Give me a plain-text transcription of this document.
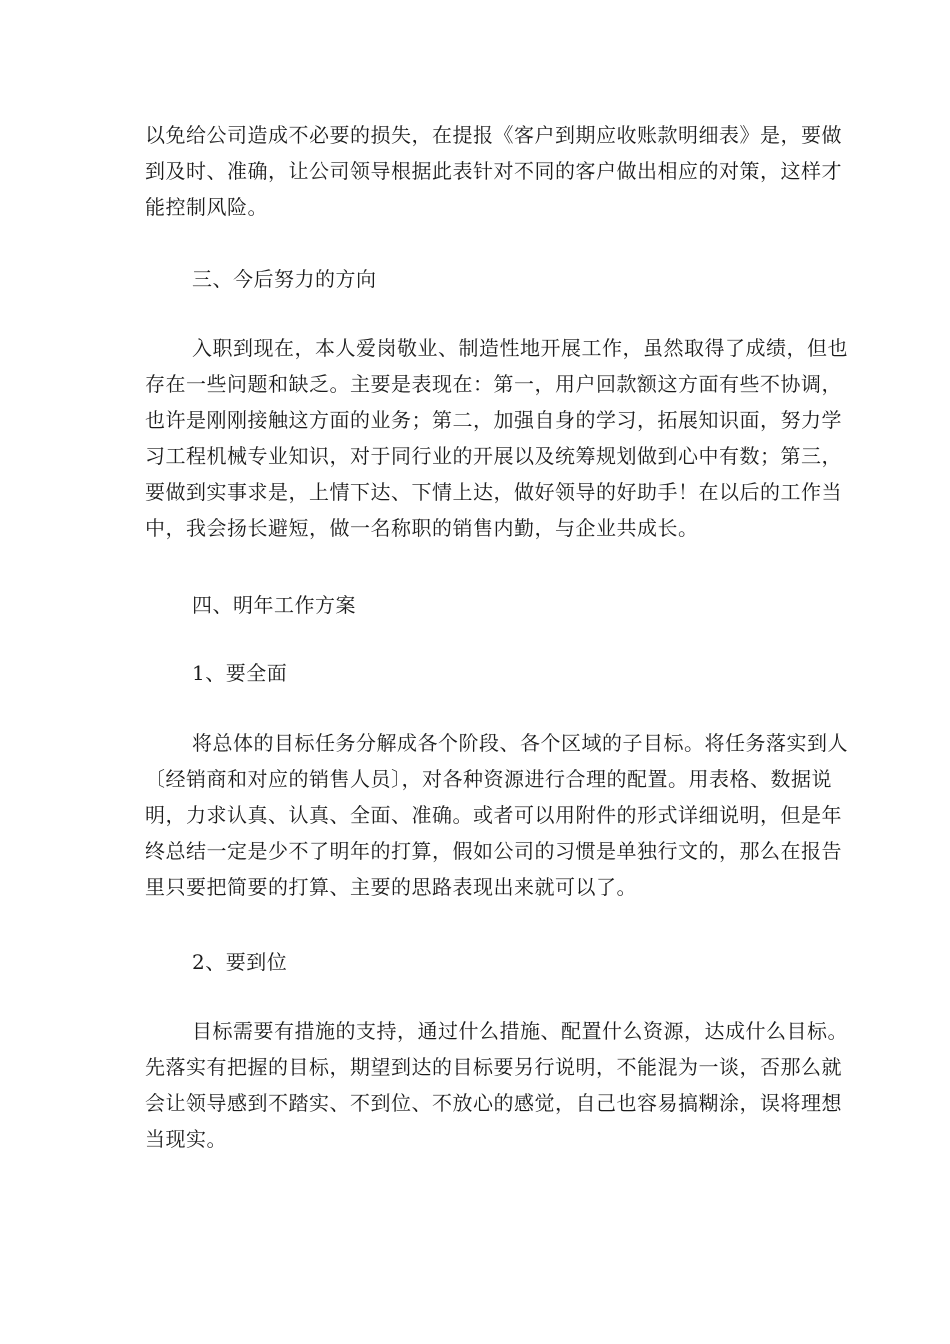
以免给公司造成不必要的损失，在提报《客户到期应收账款明细表》是，要做
到及时、准确，让公司领导根据此表针对不同的客户做出相应的对策，这样才
能控制风险。
三、今后努力的方向
入职到现在，本人爱岗敬业、制造性地开展工作，虽然取得了成绩，但也
存在一些问题和缺乏。主要是表现在：第一，用户回款额这方面有些不协调，
也许是刚刚接触这方面的业务；第二，加强自身的学习，拓展知识面，努力学
习工程机械专业知识，对于同行业的开展以及统筹规划做到心中有数；第三，
要做到实事求是，上情下达、下情上达，做好领导的好助手！在以后的工作当
中，我会扬长避短，做一名称职的销售内勤，与企业共成长。
四、明年工作方案
1、要全面
将总体的目标任务分解成各个阶段、各个区域的子目标。将任务落实到人
〔经销商和对应的销售人员〕，对各种资源进行合理的配置。用表格、数据说
明，力求认真、认真、全面、准确。或者可以用附件的形式详细说明，但是年
终总结一定是少不了明年的打算，假如公司的习惯是单独行文的，那么在报告
里只要把简要的打算、主要的思路表现出来就可以了。
2、要到位
目标需要有措施的支持，通过什么措施、配置什么资源，达成什么目标。
先落实有把握的目标，期望到达的目标要另行说明，不能混为一谈，否那么就
会让领导感到不踏实、不到位、不放心的感觉，自己也容易搞糊涂，误将理想
当现实。
